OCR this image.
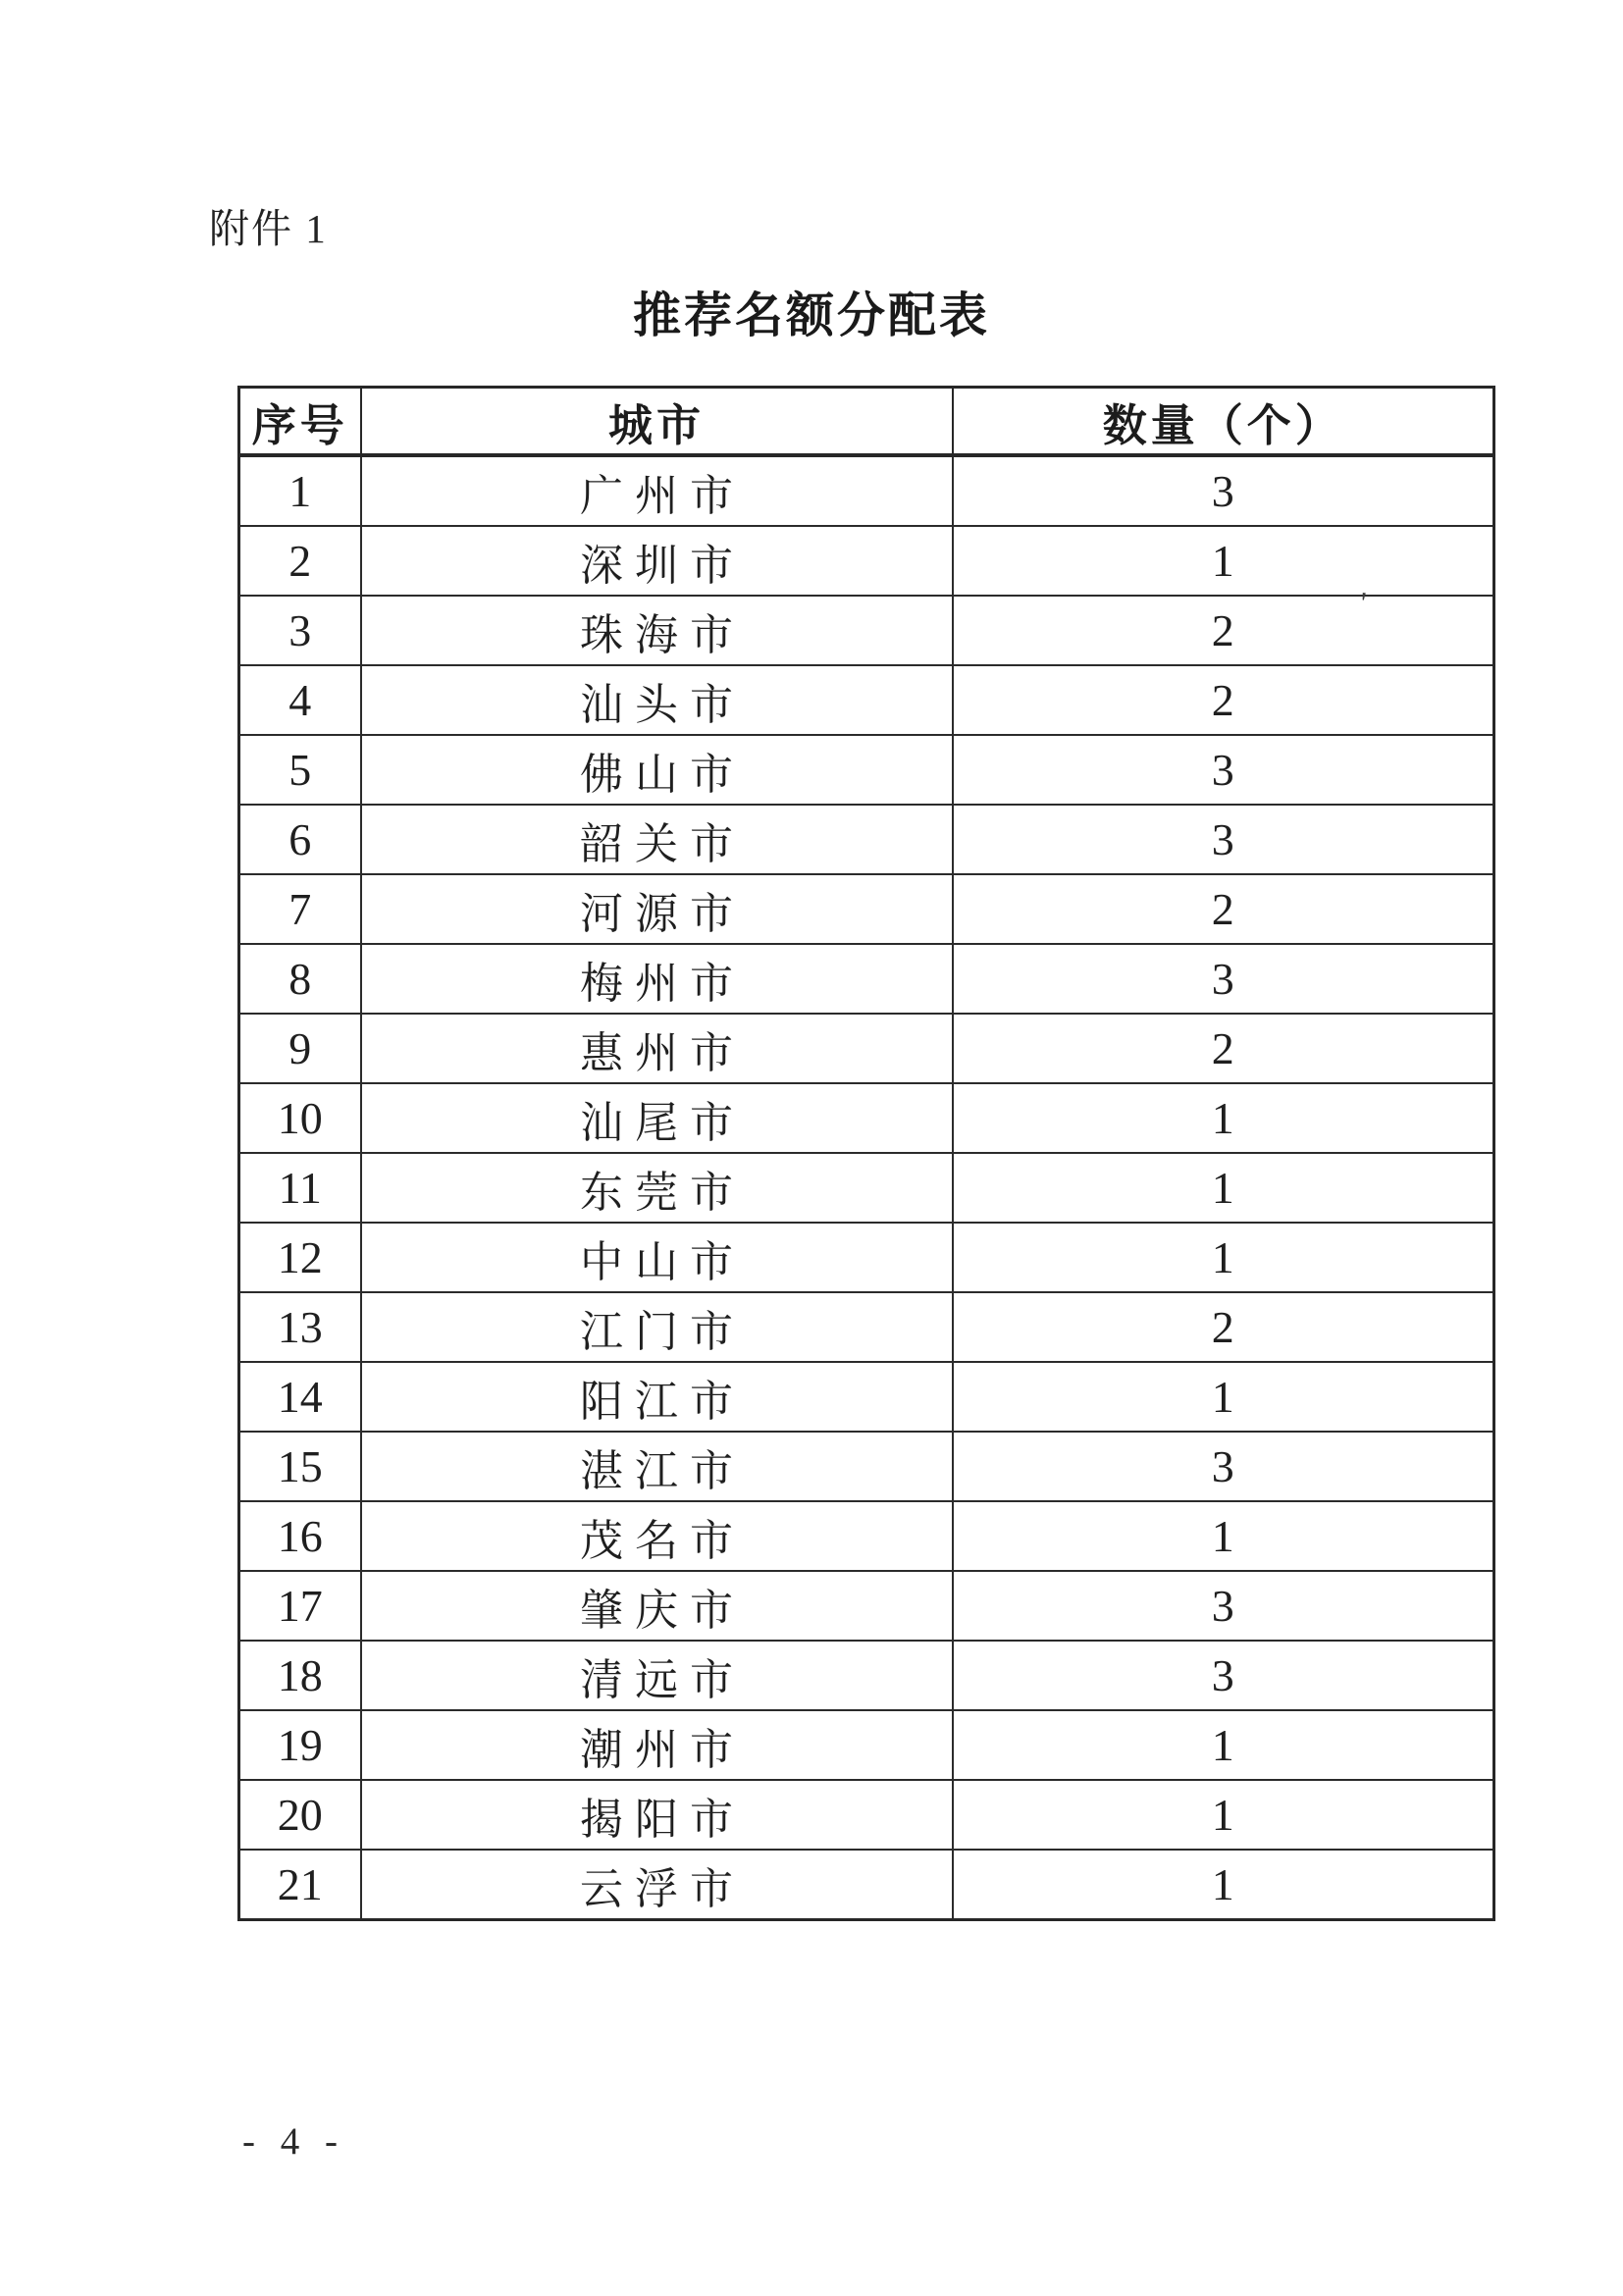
附件 1
推荐名额分配表
序号	城市	数量（个）
1	广州市	3
2	深圳市	1
3	珠海市	2
4	汕头市	2
5	佛山市	3
6	韶关市	3
7	河源市	2
8	梅州市	3
9	惠州市	2
10	汕尾市	1
11	东莞市	1
12	中山市	1
13	江门市	2
14	阳江市	1
15	湛江市	3
16	茂名市	1
17	肇庆市	3
18	清远市	3
19	潮州市	1
20	揭阳市	1
21	云浮市	1
'
- 4 -
